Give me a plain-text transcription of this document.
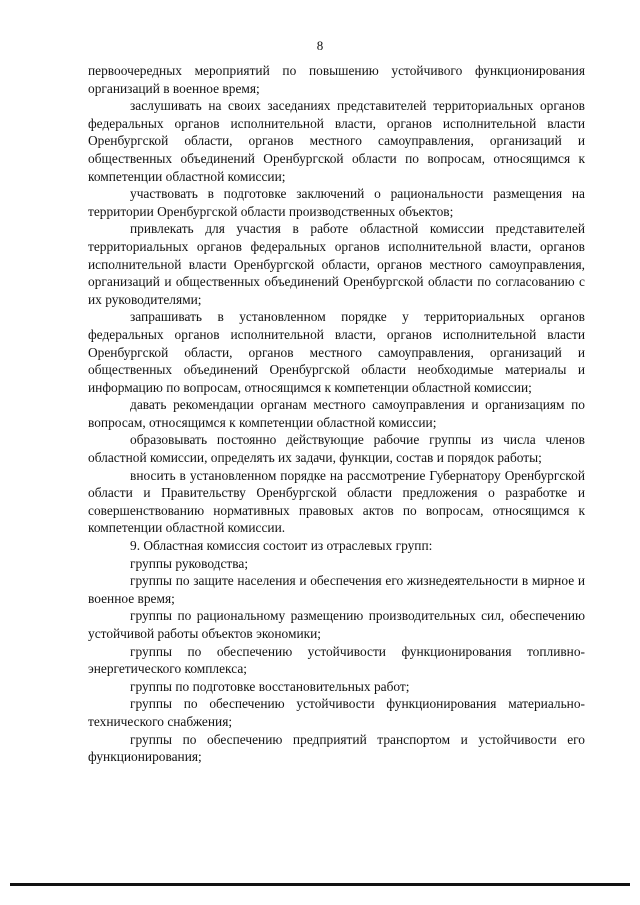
8

первоочередных мероприятий по повышению устойчивого функционирования организаций в военное время;

заслушивать на своих заседаниях представителей территориальных органов федеральных органов исполнительной власти, органов исполнительной власти Оренбургской области, органов местного самоуправления, организаций и общественных объединений Оренбургской области по вопросам, относящимся к компетенции областной комиссии;

участвовать в подготовке заключений о рациональности размещения на территории Оренбургской области производственных объектов;

привлекать для участия в работе областной комиссии представителей территориальных органов федеральных органов исполнительной власти, органов исполнительной власти Оренбургской области, органов местного самоуправления, организаций и общественных объединений Оренбургской области по согласованию с их руководителями;

запрашивать в установленном порядке у территориальных органов федеральных органов исполнительной власти, органов исполнительной власти Оренбургской области, органов местного самоуправления, организаций и общественных объединений Оренбургской области необходимые материалы и информацию по вопросам, относящимся к компетенции областной комиссии;

давать рекомендации органам местного самоуправления и организациям по вопросам, относящимся к компетенции областной комиссии;

образовывать постоянно действующие рабочие группы из числа членов областной комиссии, определять их задачи, функции, состав и порядок работы;

вносить в установленном порядке на рассмотрение Губернатору Оренбургской области и Правительству Оренбургской области предложения о разработке и совершенствованию нормативных правовых актов по вопросам, относящимся к компетенции областной комиссии.

9. Областная комиссия состоит из отраслевых групп:

группы руководства;

группы по защите населения и обеспечения его жизнедеятельности в мирное и военное время;

группы по рациональному размещению производительных сил, обеспечению устойчивой работы объектов экономики;

группы по обеспечению устойчивости функционирования топливно-энергетического комплекса;

группы по подготовке восстановительных работ;

группы по обеспечению устойчивости функционирования материально-технического снабжения;

группы по обеспечению предприятий транспортом и устойчивости его функционирования;
